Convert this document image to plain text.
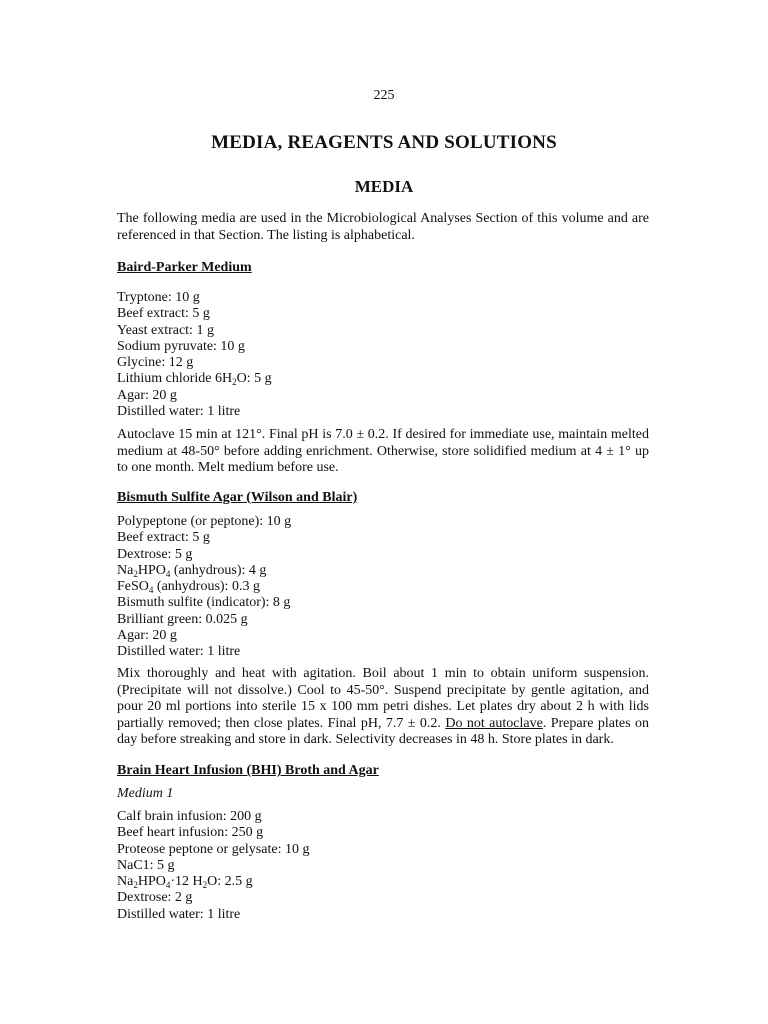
225
MEDIA, REAGENTS AND SOLUTIONS
MEDIA
The following media are used in the Microbiological Analyses Section of this volume and are referenced in that Section. The listing is alphabetical.
Baird-Parker Medium
Tryptone: 10 g
Beef extract: 5 g
Yeast extract: 1 g
Sodium pyruvate: 10 g
Glycine: 12 g
Lithium chloride $6H_2O$: 5 g
Agar: 20 g
Distilled water: 1 litre
Autoclave 15 min at 121°. Final pH is 7.0 ± 0.2. If desired for immediate use, maintain melted medium at 48-50° before adding enrichment. Otherwise, store solidified medium at 4 ± 1° up to one month. Melt medium before use.
Bismuth Sulfite Agar (Wilson and Blair)
Polypeptone (or peptone): 10 g
Beef extract: 5 g
Dextrose: 5 g
$Na_2HPO_4$ (anhydrous): 4 g
FeSO$_4$ (anhydrous): 0.3 g
Bismuth sulfite (indicator): 8 g
Brilliant green: 0.025 g
Agar: 20 g
Distilled water: 1 litre
Mix thoroughly and heat with agitation. Boil about 1 min to obtain uniform suspension. (Precipitate will not dissolve.) Cool to 45-50°. Suspend precipitate by gentle agitation, and pour 20 ml portions into sterile 15 x 100 mm petri dishes. Let plates dry about 2 h with lids partially removed; then close plates. Final pH, 7.7 ± 0.2. Do not autoclave. Prepare plates on day before streaking and store in dark. Selectivity decreases in 48 h. Store plates in dark.
Brain Heart Infusion (BHI) Broth and Agar
Medium 1
Calf brain infusion: 200 g
Beef heart infusion: 250 g
Proteose peptone or gelysate: 10 g
NaC1: 5 g
$Na_2HPO_4\cdot 12$ $H_2O$: 2.5 g
Dextrose: 2 g
Distilled water: 1 litre
